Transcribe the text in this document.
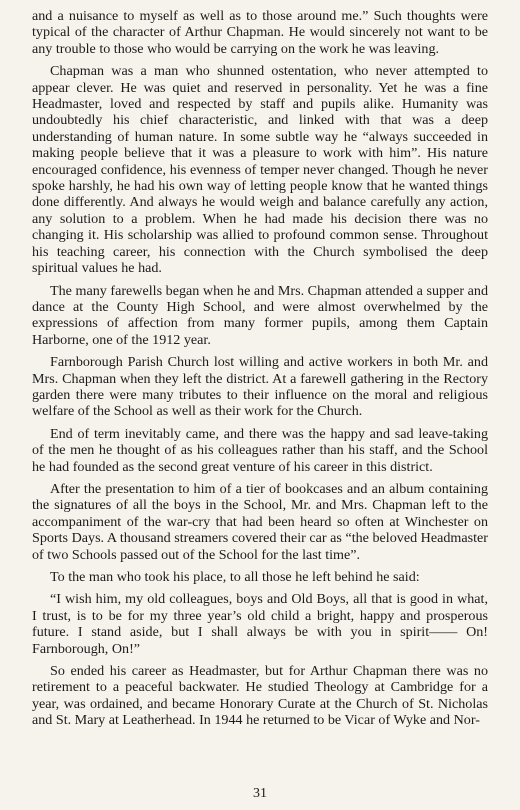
and a nuisance to myself as well as to those around me.” Such thoughts were typical of the character of Arthur Chapman. He would sincerely not want to be any trouble to those who would be carrying on the work he was leaving.

Chapman was a man who shunned ostentation, who never attempted to appear clever. He was quiet and reserved in personality. Yet he was a fine Headmaster, loved and respected by staff and pupils alike. Humanity was undoubtedly his chief characteristic, and linked with that was a deep understanding of human nature. In some subtle way he “always succeeded in making people believe that it was a pleasure to work with him”. His nature encouraged confidence, his evenness of temper never changed. Though he never spoke harshly, he had his own way of letting people know that he wanted things done differently. And always he would weigh and balance carefully any action, any solution to a problem. When he had made his decision there was no changing it. His scholarship was allied to profound common sense. Throughout his teaching career, his connection with the Church symbolised the deep spiritual values he had.

The many farewells began when he and Mrs. Chapman attended a supper and dance at the County High School, and were almost overwhelmed by the expressions of affection from many former pupils, among them Captain Harborne, one of the 1912 year.

Farnborough Parish Church lost willing and active workers in both Mr. and Mrs. Chapman when they left the district. At a farewell gathering in the Rectory garden there were many tributes to their influence on the moral and religious welfare of the School as well as their work for the Church.

End of term inevitably came, and there was the happy and sad leave-taking of the men he thought of as his colleagues rather than his staff, and the School he had founded as the second great venture of his career in this district.

After the presentation to him of a tier of bookcases and an album containing the signatures of all the boys in the School, Mr. and Mrs. Chapman left to the accompaniment of the war-cry that had been heard so often at Winchester on Sports Days. A thousand streamers covered their car as “the beloved Headmaster of two Schools passed out of the School for the last time”.

To the man who took his place, to all those he left behind he said:

“I wish him, my old colleagues, boys and Old Boys, all that is good in what, I trust, is to be for my three year’s old child a bright, happy and prosperous future. I stand aside, but I shall always be with you in spirit—— On! Farnborough, On!”

So ended his career as Headmaster, but for Arthur Chapman there was no retirement to a peaceful backwater. He studied Theology at Cambridge for a year, was ordained, and became Honorary Curate at the Church of St. Nicholas and St. Mary at Leatherhead. In 1944 he returned to be Vicar of Wyke and Nor-

31
